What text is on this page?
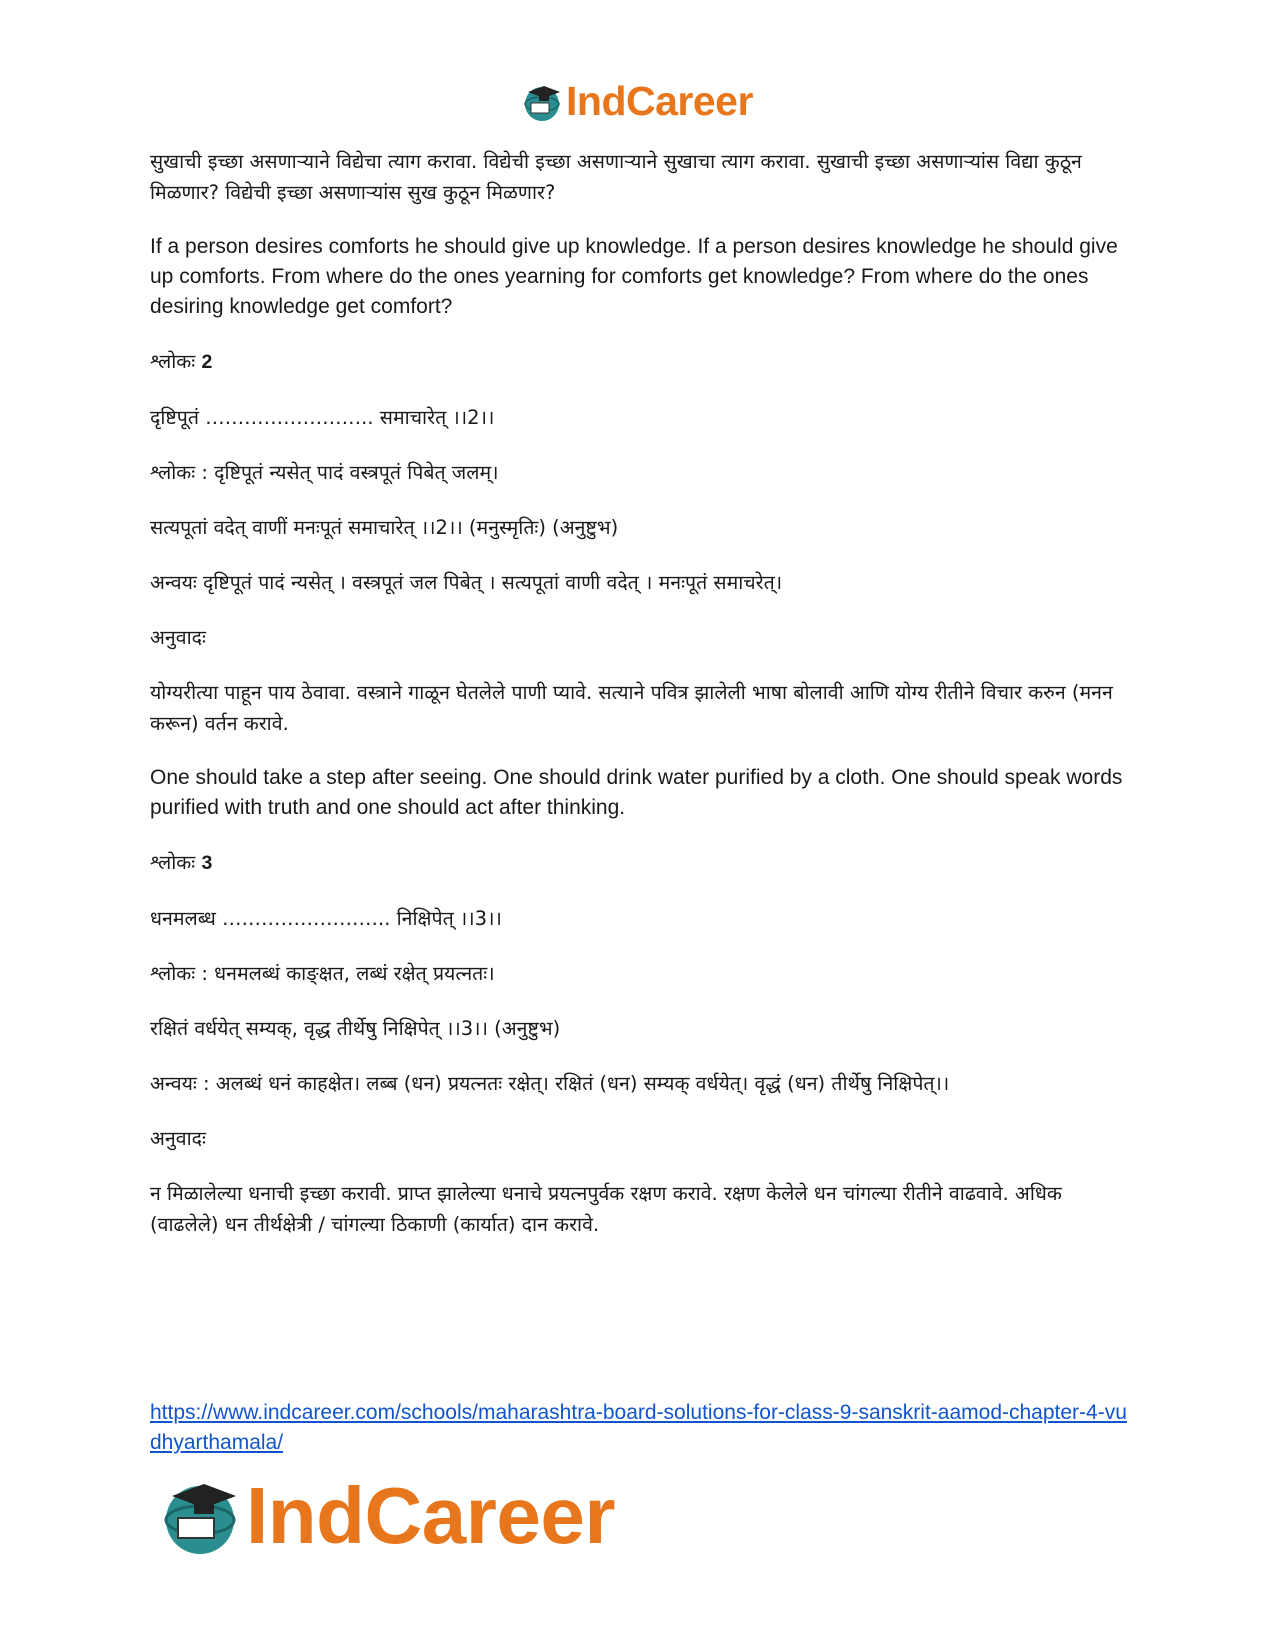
IndCareer

सुखाची इच्छा असणाऱ्याने विद्येचा त्याग करावा. विद्येची इच्छा असणाऱ्याने सुखाचा त्याग करावा. सुखाची इच्छा असणाऱ्यांस विद्या कुठून मिळणार? विद्येची इच्छा असणाऱ्यांस सुख कुठून मिळणार?

If a person desires comforts he should give up knowledge. If a person desires knowledge he should give up comforts. From where do the ones yearning for comforts get knowledge? From where do the ones desiring knowledge get comfort?

श्लोकः 2

दृष्टिपूतं …………………….. समाचारेत् ।।2।।

श्लोकः : दृष्टिपूतं न्यसेत् पादं वस्त्रपूतं पिबेत् जलम्।

सत्यपूतां वदेत् वाणीं मनःपूतं समाचारेत् ।।2।। (मनुस्मृतिः) (अनुष्टुभ)

अन्वयः दृष्टिपूतं पादं न्यसेत् । वस्त्रपूतं जल पिबेत् । सत्यपूतां वाणी वदेत् । मनःपूतं समाचरेत्।

अनुवादः

योग्यरीत्या पाहून पाय ठेवावा. वस्त्राने गाळून घेतलेले पाणी प्यावे. सत्याने पवित्र झालेली भाषा बोलावी आणि योग्य रीतीने विचार करुन (मनन करून) वर्तन करावे.

One should take a step after seeing. One should drink water purified by a cloth. One should speak words purified with truth and one should act after thinking.

श्लोकः 3

धनमलब्ध …………………….. निक्षिपेत् ।।3।।

श्लोकः : धनमलब्धं काङ्क्षत, लब्धं रक्षेत् प्रयत्नतः।

रक्षितं वर्धयेत् सम्यक्, वृद्ध तीर्थेषु निक्षिपेत् ।।3।। (अनुष्टुभ)

अन्वयः : अलब्धं धनं काहक्षेत। लब्ब (धन) प्रयत्नतः रक्षेत्। रक्षितं (धन) सम्यक् वर्धयेत्। वृद्धं (धन) तीर्थेषु निक्षिपेत्।।

अनुवादः

न मिळालेल्या धनाची इच्छा करावी. प्राप्त झालेल्या धनाचे प्रयत्नपुर्वक रक्षण करावे. रक्षण केलेले धन चांगल्या रीतीने वाढवावे. अधिक (वाढलेले) धन तीर्थक्षेत्री / चांगल्या ठिकाणी (कार्यात) दान करावे.

https://www.indcareer.com/schools/maharashtra-board-solutions-for-class-9-sanskrit-aamod-chapter-4-vudhyarthamala/
IndCareer
